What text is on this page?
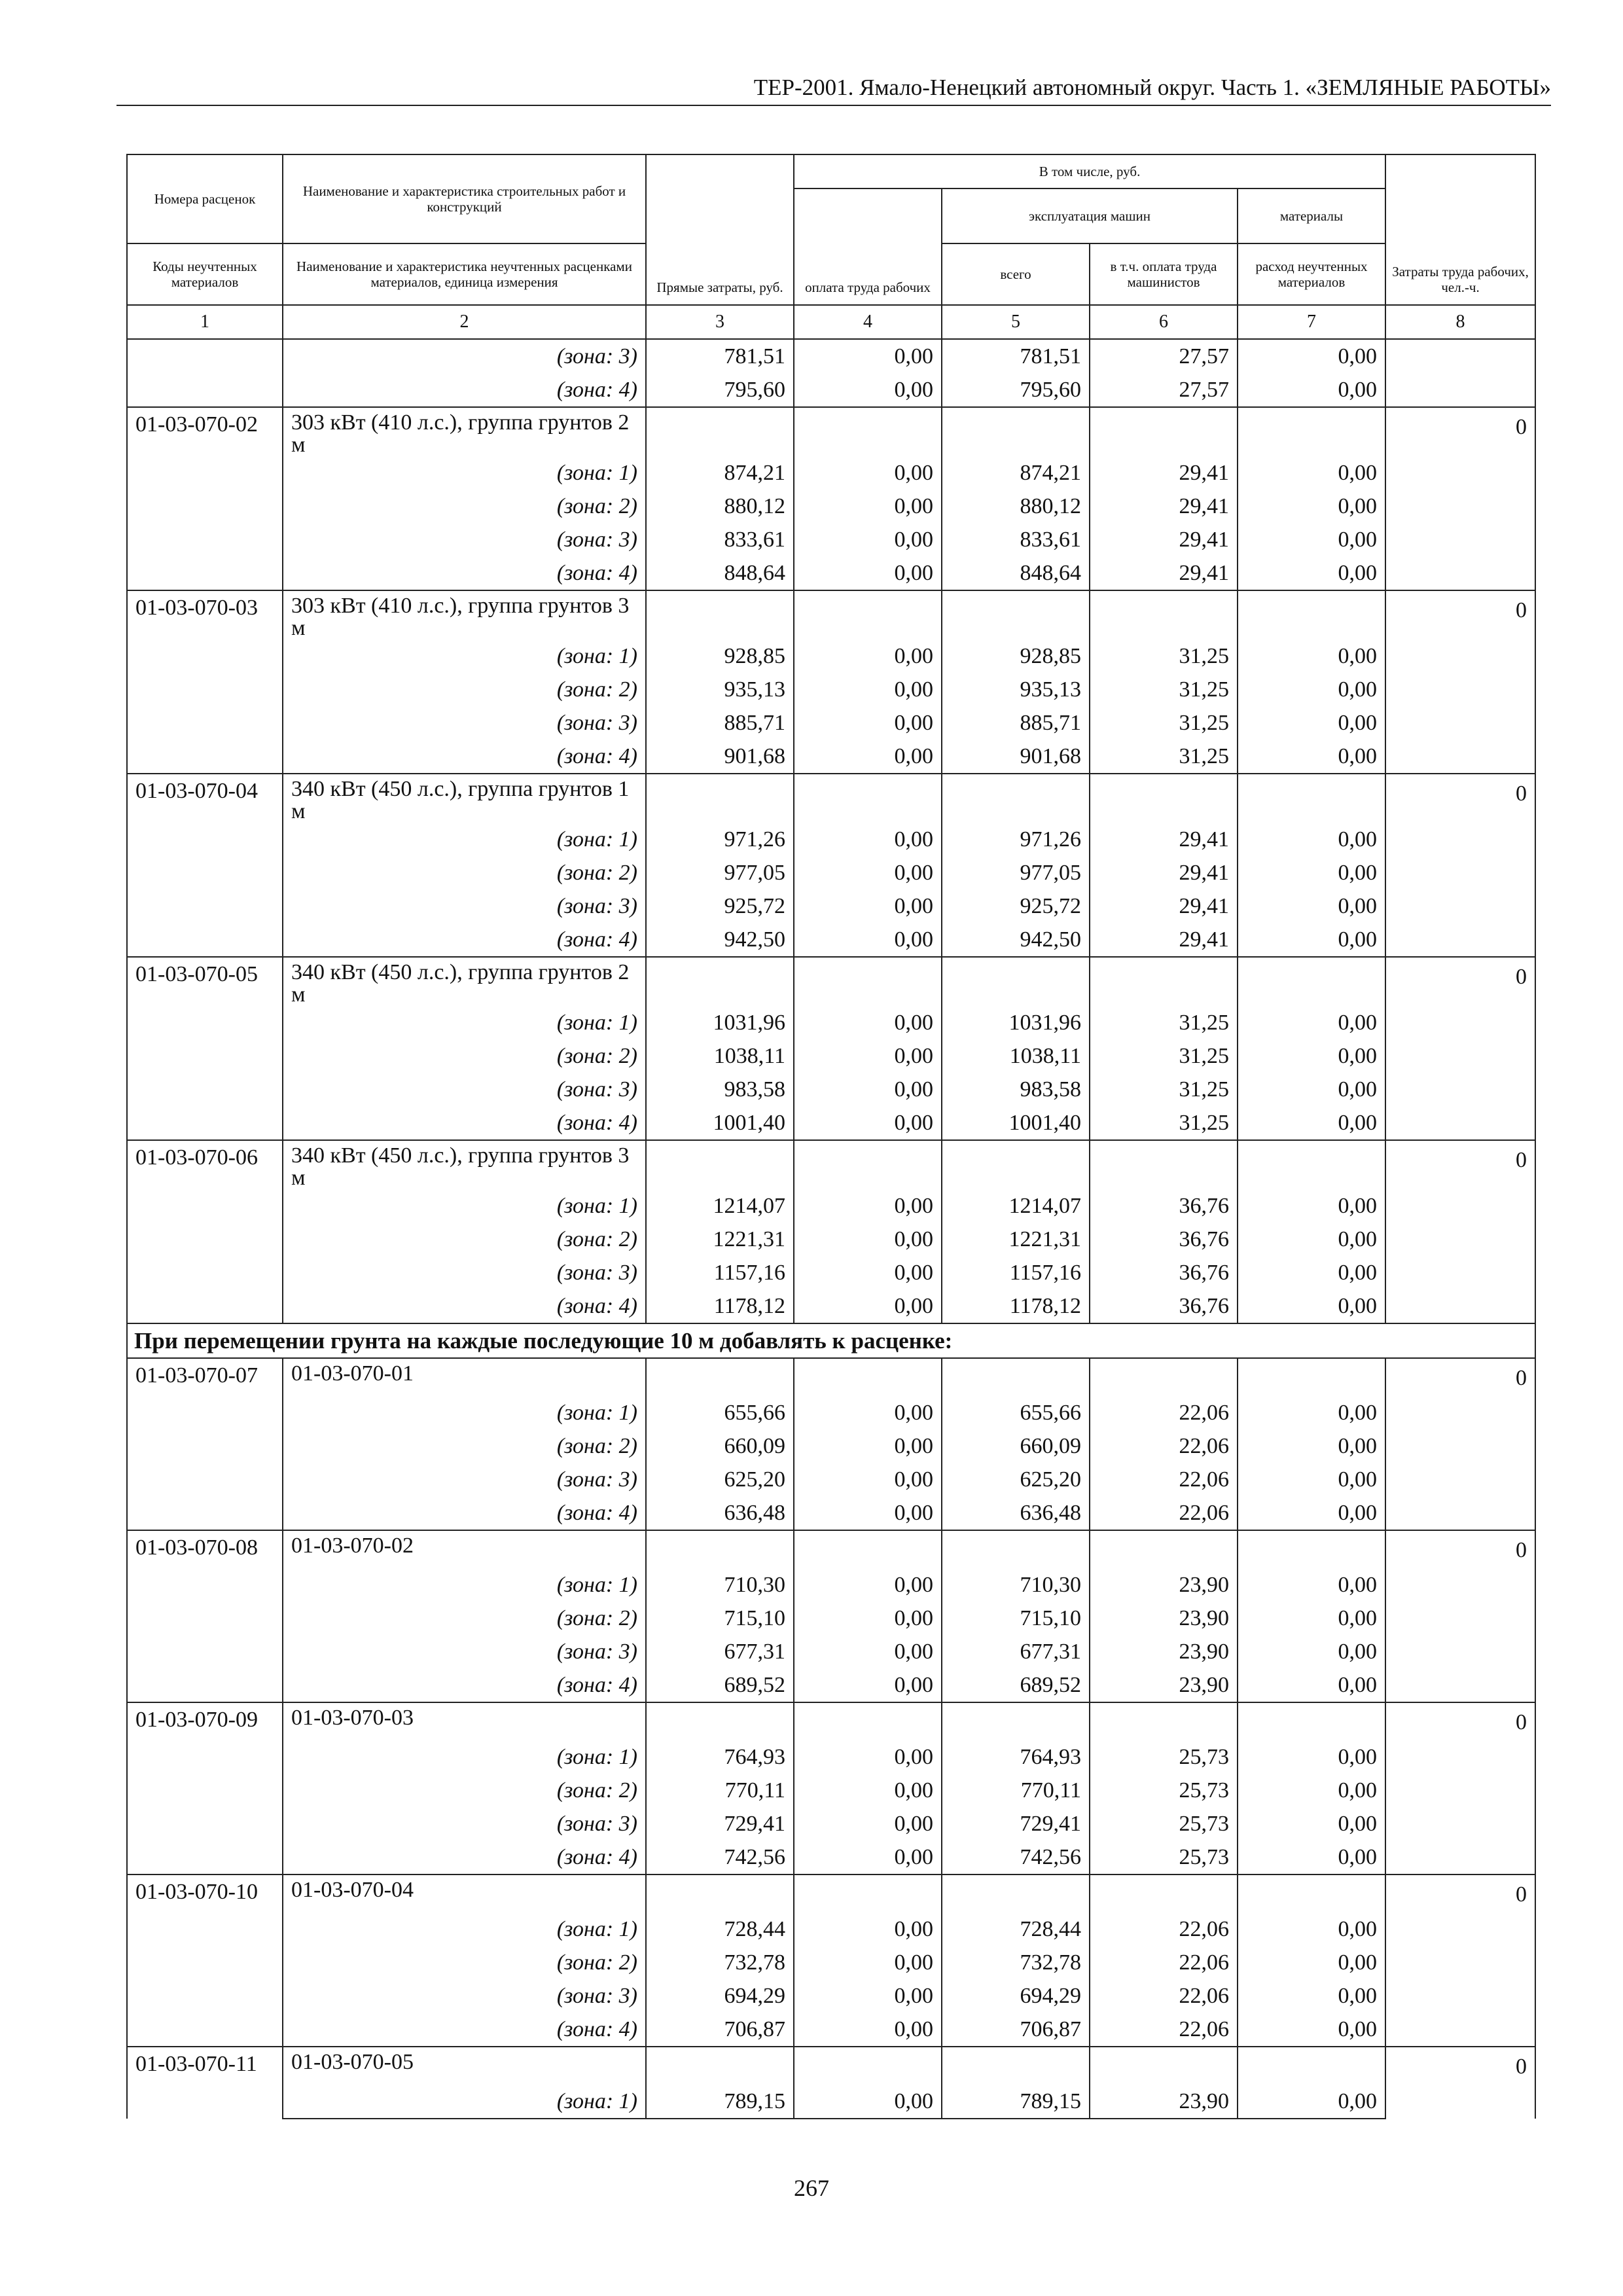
ТЕР-2001. Ямало-Ненецкий автономный округ. Часть 1. «ЗЕМЛЯНЫЕ РАБОТЫ»
Номера расценок	Наименование и характеристика строительных работ и конструкций	Прямые затраты, руб.	В том числе, руб.				Затраты труда рабочих, чел.-ч.
			оплата труда рабочих	эксплуатация машин		материалы	
Коды неучтенных материалов	Наименование и характеристика неучтенных расценками материалов, единица измерения			всего	в т.ч. оплата труда машинистов	расход неучтенных материалов	
1	2	3	4	5	6	7	8
	(зона: 3)	781,51	0,00	781,51	27,57	0,00	
	(зона: 4)	795,60	0,00	795,60	27,57	0,00	
01-03-070-02	303 кВт (410 л.с.), группа грунтов 2 м						0

	(зона: 1)	874,21	0,00	874,21	29,41	0,00	
	(зона: 2)	880,12	0,00	880,12	29,41	0,00	
	(зона: 3)	833,61	0,00	833,61	29,41	0,00	
	(зона: 4)	848,64	0,00	848,64	29,41	0,00	
01-03-070-03	303 кВт (410 л.с.), группа грунтов 3 м						0

	(зона: 1)	928,85	0,00	928,85	31,25	0,00	
	(зона: 2)	935,13	0,00	935,13	31,25	0,00	
	(зона: 3)	885,71	0,00	885,71	31,25	0,00	
	(зона: 4)	901,68	0,00	901,68	31,25	0,00	
01-03-070-04	340 кВт (450 л.с.), группа грунтов 1 м						0

	(зона: 1)	971,26	0,00	971,26	29,41	0,00	
	(зона: 2)	977,05	0,00	977,05	29,41	0,00	
	(зона: 3)	925,72	0,00	925,72	29,41	0,00	
	(зона: 4)	942,50	0,00	942,50	29,41	0,00	
01-03-070-05	340 кВт (450 л.с.), группа грунтов 2 м						0

	(зона: 1)	1031,96	0,00	1031,96	31,25	0,00	
	(зона: 2)	1038,11	0,00	1038,11	31,25	0,00	
	(зона: 3)	983,58	0,00	983,58	31,25	0,00	
	(зона: 4)	1001,40	0,00	1001,40	31,25	0,00	
01-03-070-06	340 кВт (450 л.с.), группа грунтов 3 м						0

	(зона: 1)	1214,07	0,00	1214,07	36,76	0,00	
	(зона: 2)	1221,31	0,00	1221,31	36,76	0,00	
	(зона: 3)	1157,16	0,00	1157,16	36,76	0,00	
	(зона: 4)	1178,12	0,00	1178,12	36,76	0,00	
При перемещении грунта на каждые последующие 10 м добавлять к расценке:							
01-03-070-07	01-03-070-01						0
	(зона: 1)	655,66	0,00	655,66	22,06	0,00	
	(зона: 2)	660,09	0,00	660,09	22,06	0,00	
	(зона: 3)	625,20	0,00	625,20	22,06	0,00	
	(зона: 4)	636,48	0,00	636,48	22,06	0,00	
01-03-070-08	01-03-070-02						0
	(зона: 1)	710,30	0,00	710,30	23,90	0,00	
	(зона: 2)	715,10	0,00	715,10	23,90	0,00	
	(зона: 3)	677,31	0,00	677,31	23,90	0,00	
	(зона: 4)	689,52	0,00	689,52	23,90	0,00	
01-03-070-09	01-03-070-03						0
	(зона: 1)	764,93	0,00	764,93	25,73	0,00	
	(зона: 2)	770,11	0,00	770,11	25,73	0,00	
	(зона: 3)	729,41	0,00	729,41	25,73	0,00	
	(зона: 4)	742,56	0,00	742,56	25,73	0,00	
01-03-070-10	01-03-070-04						0
	(зона: 1)	728,44	0,00	728,44	22,06	0,00	
	(зона: 2)	732,78	0,00	732,78	22,06	0,00	
	(зона: 3)	694,29	0,00	694,29	22,06	0,00	
	(зона: 4)	706,87	0,00	706,87	22,06	0,00	
01-03-070-11	01-03-070-05						0
	(зона: 1)	789,15	0,00	789,15	23,90	0,00	
267
